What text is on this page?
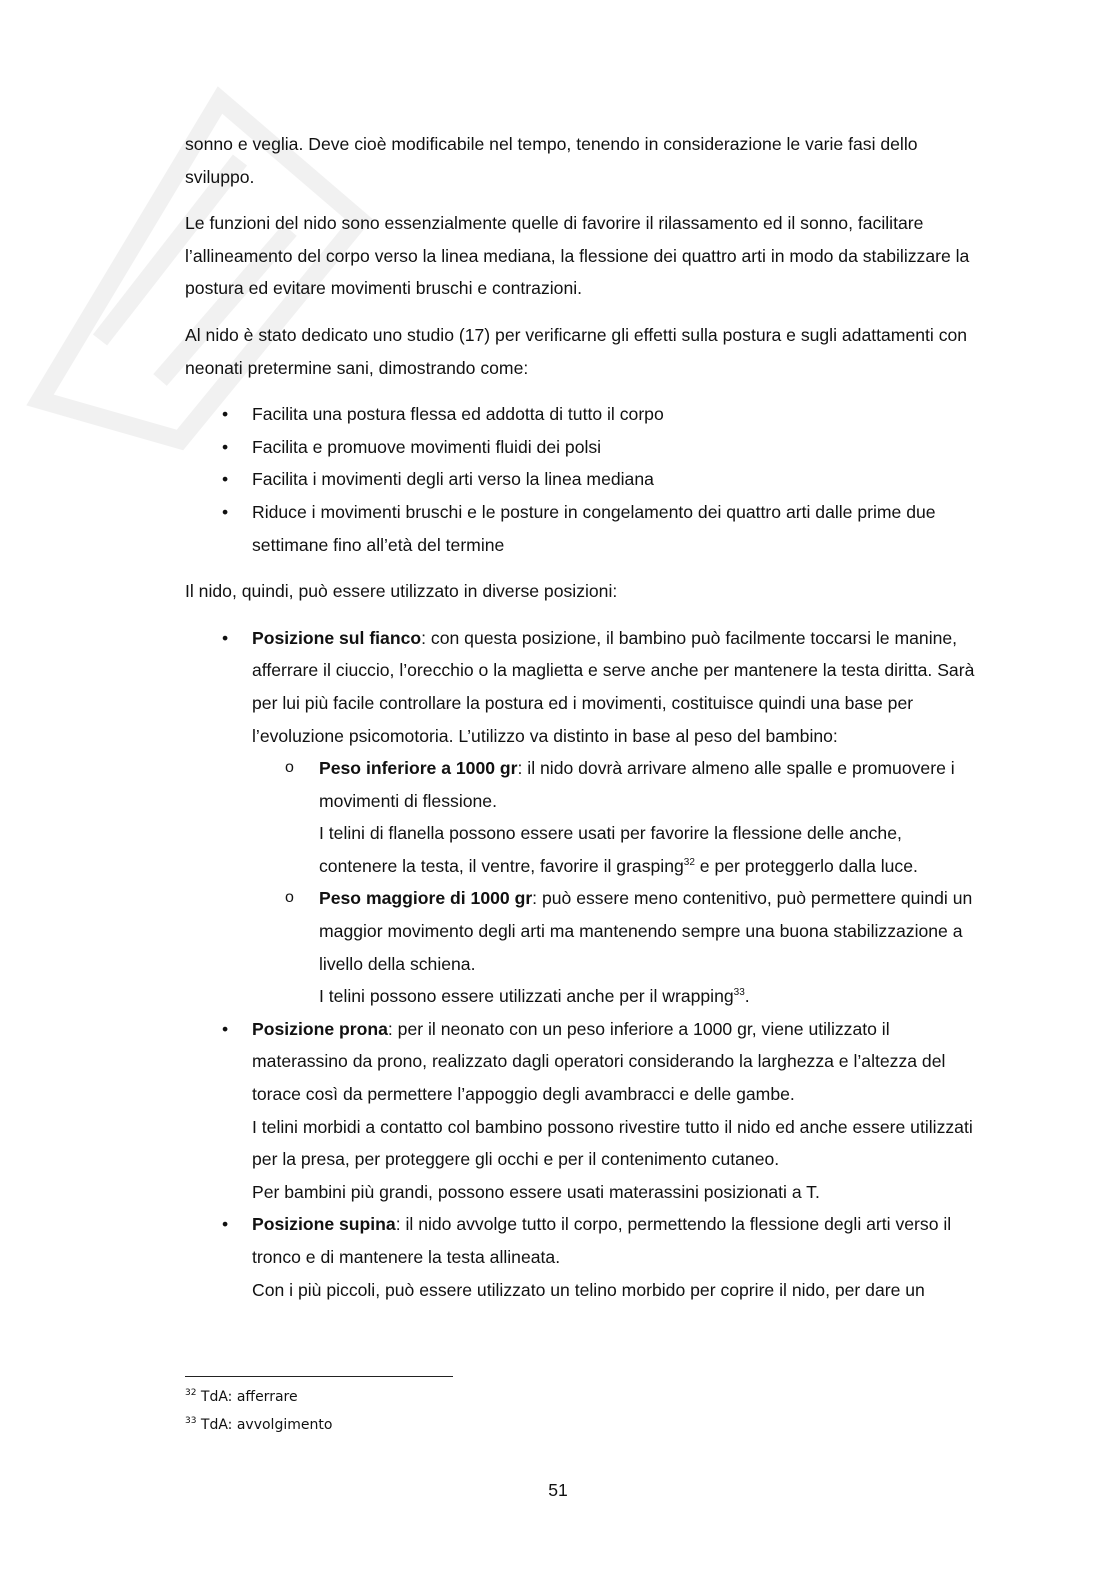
sonno e veglia. Deve cioè modificabile nel tempo, tenendo in considerazione le varie fasi dello sviluppo.

Le funzioni del nido sono essenzialmente quelle di favorire il rilassamento ed il sonno, facilitare l’allineamento del corpo verso la linea mediana, la flessione dei quattro arti in modo da stabilizzare la postura ed evitare movimenti bruschi e contrazioni.

Al nido è stato dedicato uno studio (17) per verificarne gli effetti sulla postura e sugli adattamenti con neonati pretermine sani, dimostrando come:

• Facilita una postura flessa ed addotta di tutto il corpo
• Facilita e promuove movimenti fluidi dei polsi
• Facilita i movimenti degli arti verso la linea mediana
• Riduce i movimenti bruschi e le posture in congelamento dei quattro arti dalle prime due settimane fino all’età del termine

Il nido, quindi, può essere utilizzato in diverse posizioni:

• Posizione sul fianco: con questa posizione, il bambino può facilmente toccarsi le manine, afferrare il ciuccio, l’orecchio o la maglietta e serve anche per mantenere la testa diritta. Sarà per lui più facile controllare la postura ed i movimenti, costituisce quindi una base per l’evoluzione psicomotoria. L’utilizzo va distinto in base al peso del bambino:
o Peso inferiore a 1000 gr: il nido dovrà arrivare almeno alle spalle e promuovere i movimenti di flessione.
I telini di flanella possono essere usati per favorire la flessione delle anche, contenere la testa, il ventre, favorire il grasping$^{32}$ e per proteggerlo dalla luce.
o Peso maggiore di 1000 gr: può essere meno contenitivo, può permettere quindi un maggior movimento degli arti ma mantenendo sempre una buona stabilizzazione a livello della schiena.
I telini possono essere utilizzati anche per il wrapping$^{33}$.
• Posizione prona: per il neonato con un peso inferiore a 1000 gr, viene utilizzato il materassino da prono, realizzato dagli operatori considerando la larghezza e l’altezza del torace così da permettere l’appoggio degli avambracci e delle gambe.
I telini morbidi a contatto col bambino possono rivestire tutto il nido ed anche essere utilizzati per la presa, per proteggere gli occhi e per il contenimento cutaneo.
Per bambini più grandi, possono essere usati materassini posizionati a T.
• Posizione supina: il nido avvolge tutto il corpo, permettendo la flessione degli arti verso il tronco e di mantenere la testa allineata.
Con i più piccoli, può essere utilizzato un telino morbido per coprire il nido, per dare un
$^{32}$ TdA: afferrare
$^{33}$ TdA: avvolgimento
51
